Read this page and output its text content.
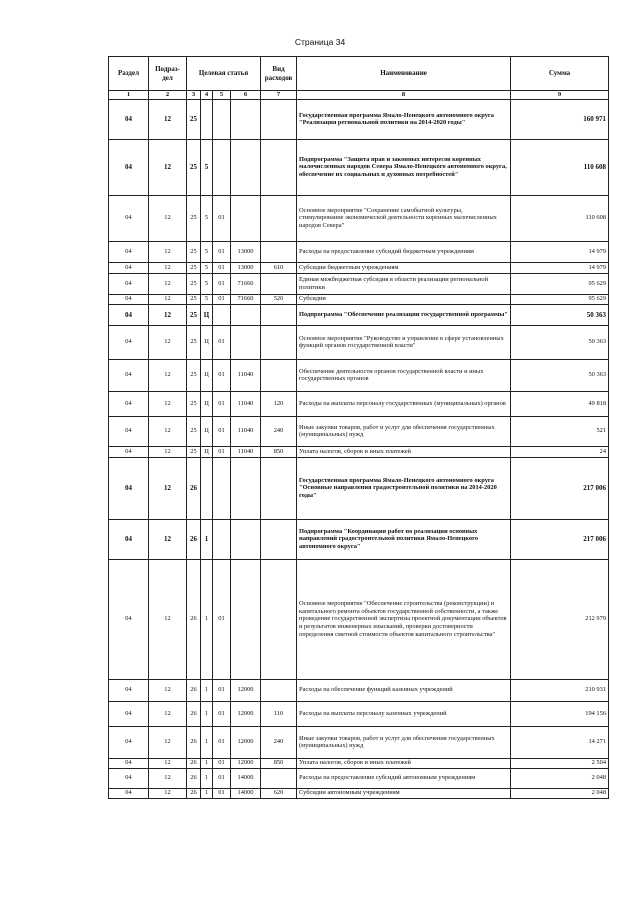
Страница 34
Раздел	Подраз-дел	Целевая статья				Вид расходов	Наименование	Сумма
1	2	3	4	5	6	7	8	9
04	12	25					Государственная программа Ямало-Ненецкого автономного округа "Реализация региональной политики на 2014-2020 годы"	160 971
04	12	25	5				Подпрограмма "Защита прав и законных интересов коренных малочисленных народов Севера Ямало-Ненецкого автономного округа, обеспечение их социальных и духовных потребностей"	110 608
04	12	25	5	01			Основное мероприятие "Сохранение самобытной культуры, стимулирование экономической деятельности коренных малочисленных народов Севера"	110 608
04	12	25	5	01	13000		Расходы на предоставление субсидий бюджетным учреждениям	14 979
04	12	25	5	01	13000	610	Субсидии бюджетным учреждениям	14 979
04	12	25	5	01	71660		Единая межбюджетная субсидия в области реализации региональной политики	95 629
04	12	25	5	01	71660	520	Субсидии	95 629
04	12	25	Ц				Подпрограмма "Обеспечение реализации государственной программы"	50 363
04	12	25	Ц	01			Основное мероприятие "Руководство и управление в сфере установленных функций органов государственной власти"	50 363
04	12	25	Ц	01	11040		Обеспечение деятельности органов государственной власти и иных государственных органов	50 363
04	12	25	Ц	01	11040	120	Расходы на выплаты персоналу государственных (муниципальных) органов	49 818
04	12	25	Ц	01	11040	240	Иные закупки товаров, работ и услуг для обеспечения государственных (муниципальных) нужд	521
04	12	25	Ц	01	11040	850	Уплата налогов, сборов и иных платежей	24
04	12	26					Государственная программа Ямало-Ненецкого автономного округа "Основные направления градостроительной политики на 2014-2020 годы"	217 006
04	12	26	1				Подпрограмма "Координация работ по реализации основных направлений градостроительной политики Ямало-Ненецкого автономного округа"	217 006
04	12	26	1	01			Основное мероприятие "Обеспечение строительства (реконструкции) и капитального ремонта объектов государственной собственности, а также проведение государственной экспертизы проектной документации объектов и результатов инженерных изысканий, проверки достоверности определения сметной стоимости объектов капитального строительства"	212 979
04	12	26	1	01	12000		Расходы на обеспечение функций казенных учреждений	210 931
04	12	26	1	01	12000	110	Расходы на выплаты персоналу казенных учреждений	194 156
04	12	26	1	01	12000	240	Иные закупки товаров, работ и услуг для обеспечения государственных (муниципальных) нужд	14 271
04	12	26	1	01	12000	850	Уплата налогов, сборов и иных платежей	2 504
04	12	26	1	01	14000		Расходы на предоставление субсидий автономным учреждениям	2 048
04	12	26	1	01	14000	620	Субсидии автономным учреждениям	2 048
